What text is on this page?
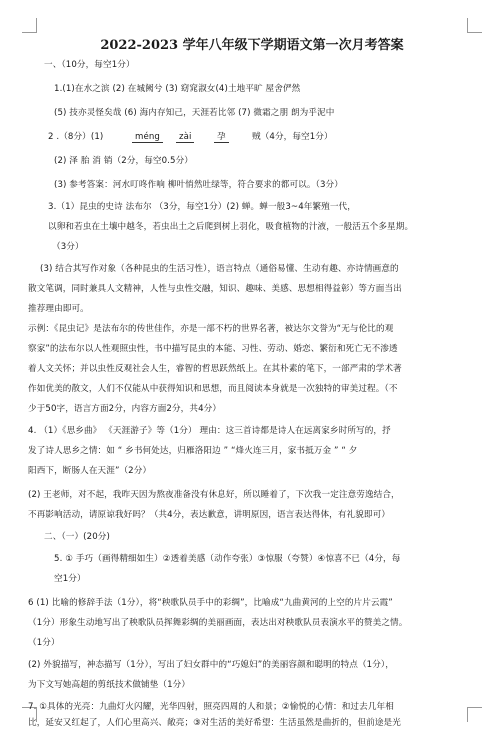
2022-2023 学年八年级下学期语文第一次月考答案
一、（10分，每空1分）
1.(1)在水之滨 (2) 在城阙兮 (3) 窈窕淑女(4)土地平旷 屋舍俨然
(5) 技亦灵怪矣哉 (6) 海内存知己，天涯若比邻 (7) 微霜之朋 朗为乎泥中
2 .（8分）(1)	méng	zài	孕	贼（4分，每空1分）
(2) 泽 胎 消 销（2分，每空0.5分）
(3) 参考答案：河水叮咚作响 柳叶悄然吐绿等，符合要求的都可以。（3分）
3.（1）昆虫的史诗 法布尔 （3分，每空1分）(2) 蝉。蝉一般3~4年繁殖一代，
以卵和若虫在土壤中越冬，若虫出土之后爬到树上羽化，吸食植物的汁液，一般活五个多星期。
（3分）
(3) 结合其写作对象（各种昆虫的生活习性），语言特点（通俗易懂、生动有趣、亦诗情画意的
散文笔调，同时兼具人文精神，人性与虫性交融，知识、趣味、美感、思想相得益彰）等方面当出
推荐理由即可。
示例：《昆虫记》是法布尔的传世佳作，亦是一部不朽的世界名著，被达尔文誉为“无与伦比的观
察家”的法布尔以人性观照虫性，书中描写昆虫的本能、习性、劳动、婚恋、繁衍和死亡无不渗透
着人文关怀；并以虫性反观社会人生，睿智的哲思跃然纸上。在其朴素的笔下，一部严肃的学术著
作如优美的散文，人们不仅能从中获得知识和思想，而且阅读本身就是一次独特的审美过程。（不
少于50字，语言方面2分，内容方面2分，共4分）
4. （1）《思乡曲》 《天涯游子》等（1分） 理由：这三首诗都是诗人在远离家乡时所写的，抒
发了诗人思乡之情：如 “ 乡书何处达，归雁洛阳边 ” “烽火连三月，家书抵万金 ” “ 夕
阳西下，断肠人在天涯”（2分）
(2) 王老师，对不起，我昨天因为熬夜准备没有休息好，所以睡着了，下次我一定注意劳逸结合，
不再影响活动，请原谅我好吗？（共4分，表达歉意，讲明原因，语言表达得体，有礼貌即可）
二、（一）(20分)
5. ① 手巧（画得精细如生）②透着美感（动作夸张）③惊服（夸赞）④惊喜不已（4分，每
空1分）
6 (1) 比喻的修辞手法（1分），将“秧歌队员手中的彩绸”，比喻成“九曲黄河的上空的片片云霞”
（1分）形象生动地写出了秧歌队员挥舞彩绸的美丽画面，表达出对秧歌队员表演水平的赞美之情。
（1分）
(2) 外貌描写，神态描写（1分），写出了妇女群中的“巧媳妇”的美丽容颜和聪明的特点（1分），
为下文写她高超的剪纸技术做铺垫（1分）
7. ①具体的光亮：九曲灯火闪耀，光华四射，照亮四周的人和景；②愉悦的心情：和过去几年相
比，延安又红起了，人们心里高兴、敞亮；③对生活的美好希望：生活虽然是曲折的，但前途是光
